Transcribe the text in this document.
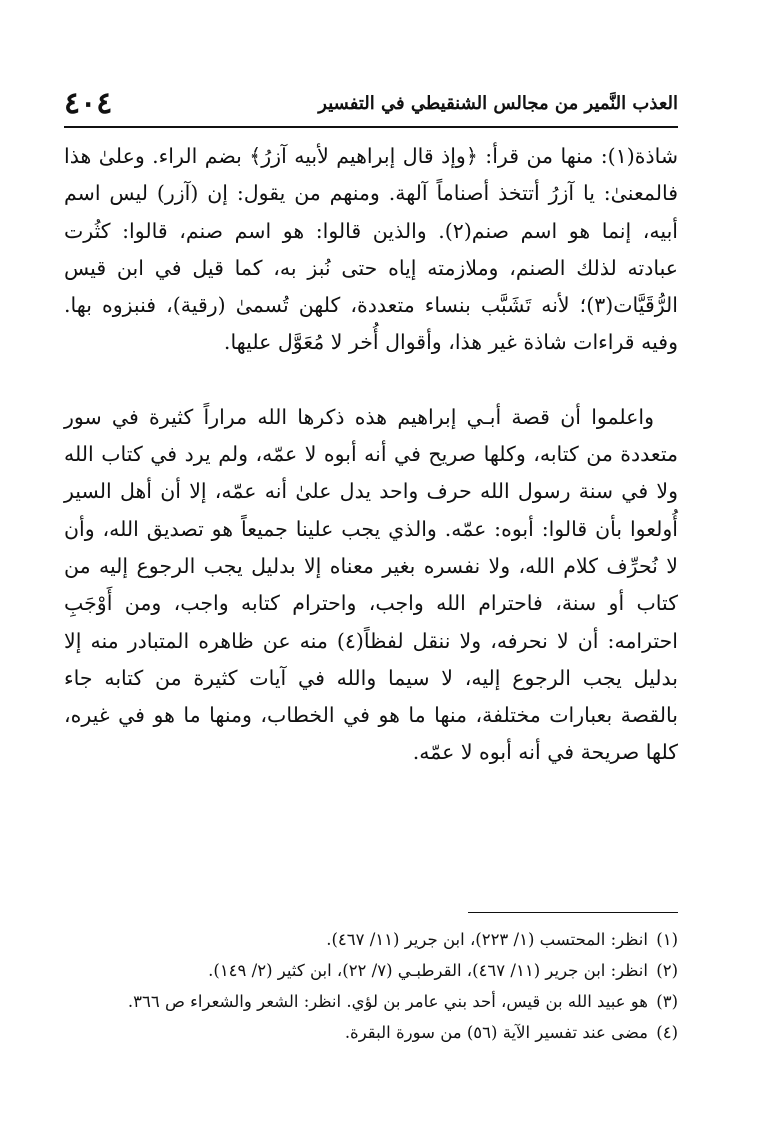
العذب النَّمير من مجالس الشنقيطي في التفسير
٤٠٤

شاذة(١): منها من قرأ: ﴿وإذ قال إبراهيم لأبيه آزرُ﴾ بضم الراء. وعلىٰ هذا فالمعنىٰ: يا آزرُ أتتخذ أصناماً آلهة. ومنهم من يقول: إن (آزر) ليس اسم أبيه، إنما هو اسم صنم(٢). والذين قالوا: هو اسم صنم، قالوا: كثُرت عبادته لذلك الصنم، وملازمته إياه حتى نُبز به، كما قيل في ابن قيس الرُّقَيَّات(٣)؛ لأنه تَشَبَّب بنساء متعددة، كلهن تُسمىٰ (رقية)، فنبزوه بها. وفيه قراءات شاذة غير هذا، وأقوال أُخر لا مُعَوَّل عليها.

واعلموا أن قصة أبـي إبراهيم هذه ذكرها الله مراراً كثيرة في سور متعددة من كتابه، وكلها صريح في أنه أبوه لا عمّه، ولم يرد في كتاب الله ولا في سنة رسول الله حرف واحد يدل علىٰ أنه عمّه، إلا أن أهل السير أُولعوا بأن قالوا: أبوه: عمّه. والذي يجب علينا جميعاً هو تصديق الله، وأن لا نُحرِّف كلام الله، ولا نفسره بغير معناه إلا بدليل يجب الرجوع إليه من كتاب أو سنة، فاحترام الله واجب، واحترام كتابه واجب، ومن أَوْجَبِ احترامه: أن لا نحرفه، ولا ننقل لفظاً(٤) منه عن ظاهره المتبادر منه إلا بدليل يجب الرجوع إليه، لا سيما والله في آيات كثيرة من كتابه جاء بالقصة بعبارات مختلفة، منها ما هو في الخطاب، ومنها ما هو في غيره، كلها صريحة في أنه أبوه لا عمّه.

(١)
انظر: المحتسب (١/ ٢٢٣)، ابن جرير (١١/ ٤٦٧).
(٢)
انظر: ابن جرير (١١/ ٤٦٧)، القرطبـي (٧/ ٢٢)، ابن كثير (٢/ ١٤٩).
(٣)
هو عبيد الله بن قيس، أحد بني عامر بن لؤي. انظر: الشعر والشعراء ص ٣٦٦.
(٤)
مضى عند تفسير الآية (٥٦) من سورة البقرة.
